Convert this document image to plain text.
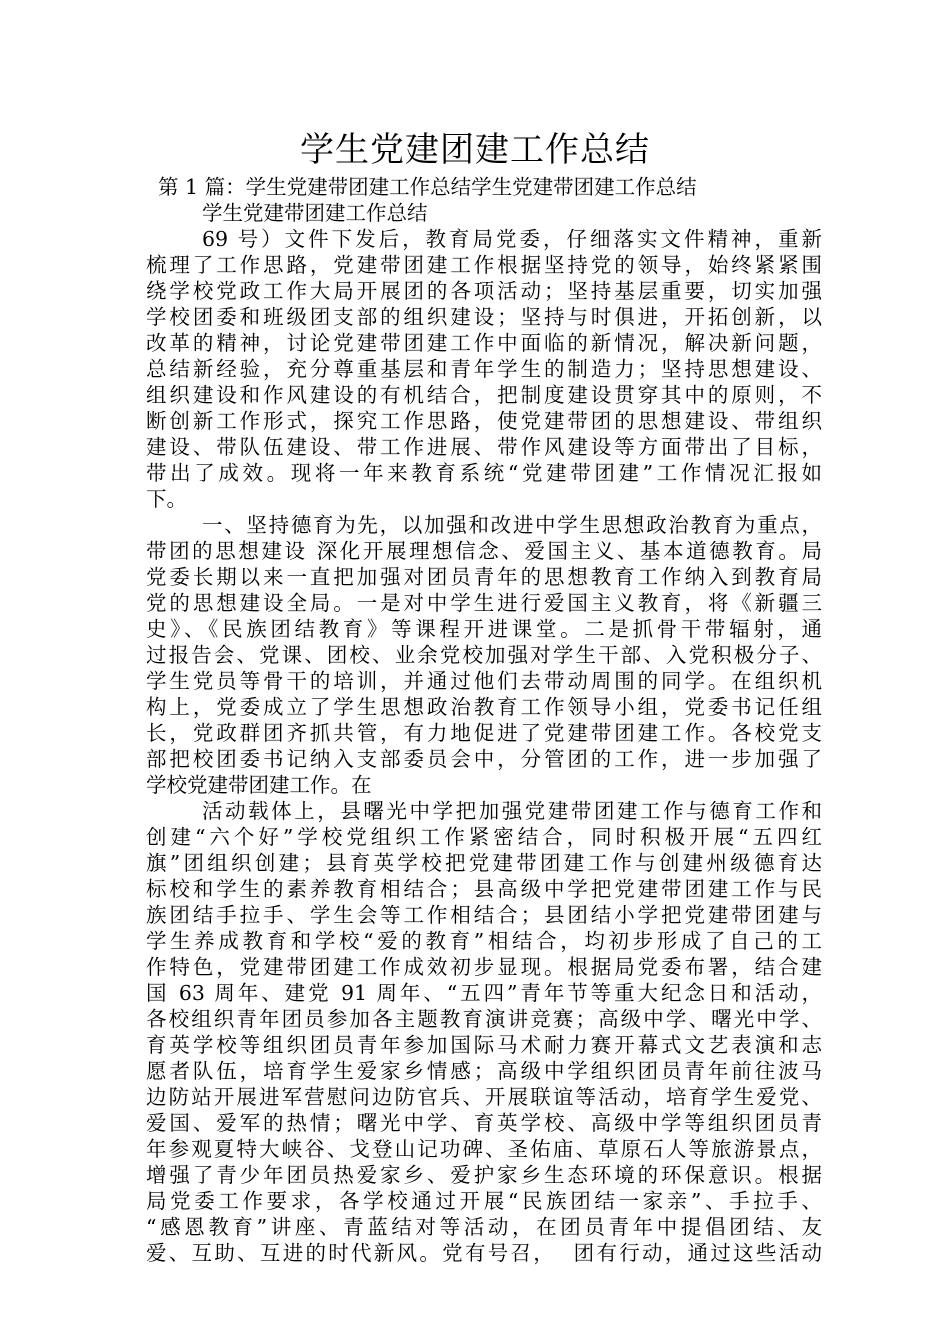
学生党建团建工作总结
第 1 篇：学生党建带团建工作总结学生党建带团建工作总结
学生党建带团建工作总结
69 号）文件下发后，教育局党委，仔细落实文件精神，重新
梳理了工作思路，党建带团建工作根据坚持党的领导，始终紧紧围
绕学校党政工作大局开展团的各项活动；坚持基层重要，切实加强
学校团委和班级团支部的组织建设；坚持与时俱进，开拓创新，以
改革的精神，讨论党建带团建工作中面临的新情况，解决新问题，
总结新经验，充分尊重基层和青年学生的制造力；坚持思想建设、
组织建设和作风建设的有机结合，把制度建设贯穿其中的原则，不
断创新工作形式，探究工作思路，使党建带团的思想建设、带组织
建设、带队伍建设、带工作进展、带作风建设等方面带出了目标，
带出了成效。现将一年来教育系统“党建带团建”工作情况汇报如
下。
一、坚持德育为先，以加强和改进中学生思想政治教育为重点，
带团的思想建设 深化开展理想信念、爱国主义、基本道德教育。局
党委长期以来一直把加强对团员青年的思想教育工作纳入到教育局
党的思想建设全局。一是对中学生进行爱国主义教育，将《新疆三
史》、《民族团结教育》等课程开进课堂。二是抓骨干带辐射，通
过报告会、党课、团校、业余党校加强对学生干部、入党积极分子、
学生党员等骨干的培训，并通过他们去带动周围的同学。在组织机
构上，党委成立了学生思想政治教育工作领导小组，党委书记任组
长，党政群团齐抓共管，有力地促进了党建带团建工作。各校党支
部把校团委书记纳入支部委员会中，分管团的工作，进一步加强了
学校党建带团建工作。在
活动载体上，县曙光中学把加强党建带团建工作与德育工作和
创建“六个好”学校党组织工作紧密结合，同时积极开展“五四红
旗”团组织创建；县育英学校把党建带团建工作与创建州级德育达
标校和学生的素养教育相结合；县高级中学把党建带团建工作与民
族团结手拉手、学生会等工作相结合；县团结小学把党建带团建与
学生养成教育和学校“爱的教育”相结合，均初步形成了自己的工
作特色，党建带团建工作成效初步显现。根据局党委布署，结合建
国 63 周年、建党 91 周年、“五四”青年节等重大纪念日和活动，
各校组织青年团员参加各主题教育演讲竞赛；高级中学、曙光中学、
育英学校等组织团员青年参加国际马术耐力赛开幕式文艺表演和志
愿者队伍，培育学生爱家乡情感；高级中学组织团员青年前往波马
边防站开展进军营慰问边防官兵、开展联谊等活动，培育学生爱党、
爱国、爱军的热情；曙光中学、育英学校、高级中学等组织团员青
年参观夏特大峡谷、戈登山记功碑、圣佑庙、草原石人等旅游景点，
增强了青少年团员热爱家乡、爱护家乡生态环境的环保意识。根据
局党委工作要求，各学校通过开展“民族团结一家亲”、手拉手、
“感恩教育”讲座、青蓝结对等活动，在团员青年中提倡团结、友
爱、互助、互进的时代新风。党有号召，  团有行动，通过这些活动
